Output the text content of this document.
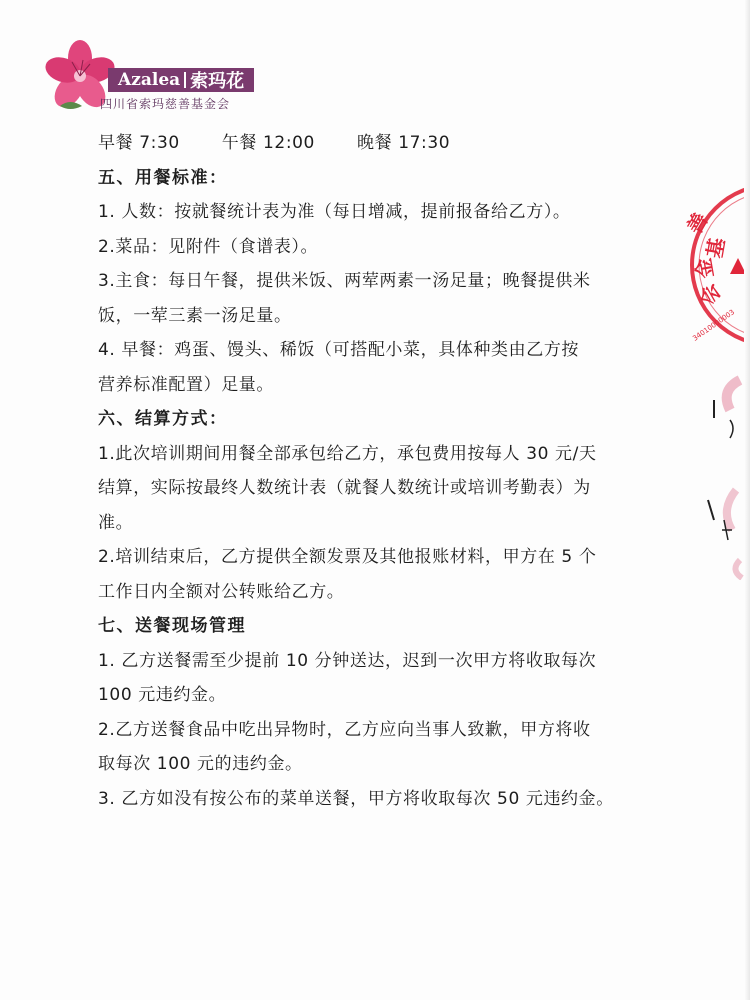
Azalea 索玛花
四川省索玛慈善基金会
早餐 7:30 午餐 12:00 晚餐 17:30
五、用餐标准：
1. 人数：按就餐统计表为准（每日增减，提前报备给乙方）。
2.菜品：见附件（食谱表）。
3.主食：每日午餐，提供米饭、两荤两素一汤足量；晚餐提供米
饭，一荤三素一汤足量。
4. 早餐：鸡蛋、馒头、稀饭（可搭配小菜，具体种类由乙方按
营养标准配置）足量。
六、结算方式：
1.此次培训期间用餐全部承包给乙方，承包费用按每人 30 元/天
结算，实际按最终人数统计表（就餐人数统计或培训考勤表）为
准。
2.培训结束后，乙方提供全额发票及其他报账材料，甲方在 5 个
工作日内全额对公转账给乙方。
七、送餐现场管理
1. 乙方送餐需至少提前 10 分钟送达，迟到一次甲方将收取每次
100 元违约金。
2.乙方送餐食品中吃出异物时，乙方应向当事人致歉，甲方将收
取每次 100 元的违约金。
3. 乙方如没有按公布的菜单送餐，甲方将收取每次 50 元违约金。
善
基
金
会
34010000003
